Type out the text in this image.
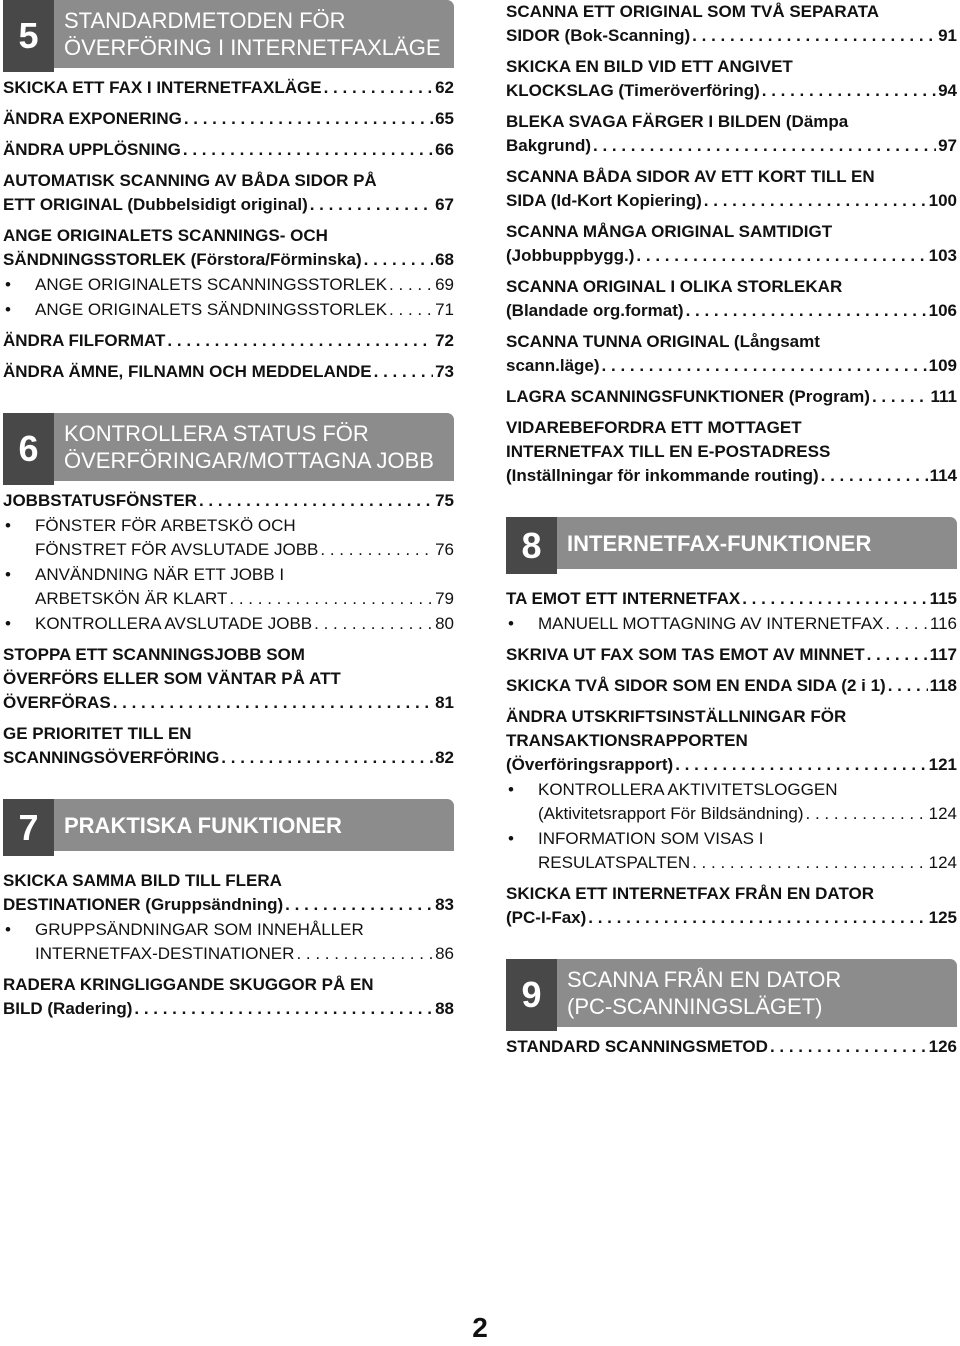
5	STANDARDMETODEN FÖR
ÖVERFÖRING I INTERNETFAXLÄGE
SKICKA ETT FAX I INTERNETFAXLÄGE . . .	62
ÄNDRA EXPONERING . . .	65
ÄNDRA UPPLÖSNING . . .	66
AUTOMATISK SCANNING AV BÅDA SIDOR PÅ
ETT ORIGINAL (Dubbelsidigt original) . . .	67
ANGE ORIGINALETS SCANNINGS- OCH
SÄNDNINGSSTORLEK (Förstora/Förminska) . . .	68
• ANGE ORIGINALETS SCANNINGSSTORLEK . . .	69
• ANGE ORIGINALETS SÄNDNINGSSTORLEK . . .	71
ÄNDRA FILFORMAT . . .	72
ÄNDRA ÄMNE, FILNAMN OCH MEDDELANDE . . .	73
6	KONTROLLERA STATUS FÖR
ÖVERFÖRINGAR/MOTTAGNA JOBB
JOBBSTATUSFÖNSTER . . .	75
• FÖNSTER FÖR ARBETSKÖ OCH
FÖNSTRET FÖR AVSLUTADE JOBB . . .	76
• ANVÄNDNING NÄR ETT JOBB I
ARBETSKÖN ÄR KLART . . .	79
• KONTROLLERA AVSLUTADE JOBB . . .	80
STOPPA ETT SCANNINGSJOBB SOM
ÖVERFÖRS ELLER SOM VÄNTAR PÅ ATT
ÖVERFÖRAS . . .	81
GE PRIORITET TILL EN
SCANNINGSÖVERFÖRING . . .	82
7	PRAKTISKA FUNKTIONER
SKICKA SAMMA BILD TILL FLERA
DESTINATIONER (Gruppsändning) . . .	83
• GRUPPSÄNDNINGAR SOM INNEHÅLLER
INTERNETFAX-DESTINATIONER . . .	86
RADERA KRINGLIGGANDE SKUGGOR PÅ EN
BILD (Radering) . . .	88
SCANNA ETT ORIGINAL SOM TVÅ SEPARATA
SIDOR (Bok-Scanning) . . .	91
SKICKA EN BILD VID ETT ANGIVET
KLOCKSLAG (Timeröverföring) . . .	94
BLEKA SVAGA FÄRGER I BILDEN (Dämpa
Bakgrund) . . .	97
SCANNA BÅDA SIDOR AV ETT KORT TILL EN
SIDA (Id-Kort Kopiering) . . .	100
SCANNA MÅNGA ORIGINAL SAMTIDIGT
(Jobbuppbygg.) . . .	103
SCANNA ORIGINAL I OLIKA STORLEKAR
(Blandade org.format) . . .	106
SCANNA TUNNA ORIGINAL (Långsamt
scann.läge) . . .	109
LAGRA SCANNINGSFUNKTIONER (Program) . . .	111
VIDAREBEFORDRA ETT MOTTAGET
INTERNETFAX TILL EN E-POSTADRESS
(Inställningar för inkommande routing) . . .	114
8	INTERNETFAX-FUNKTIONER
TA EMOT ETT INTERNETFAX . . .	115
• MANUELL MOTTAGNING AV INTERNETFAX . . .	116
SKRIVA UT FAX SOM TAS EMOT AV MINNET . . .	117
SKICKA TVÅ SIDOR SOM EN ENDA SIDA (2 i 1) . . .	118
ÄNDRA UTSKRIFTSINSTÄLLNINGAR FÖR
TRANSAKTIONSRAPPORTEN
(Överföringsrapport) . . .	121
• KONTROLLERA AKTIVITETSLOGGEN
(Aktivitetsrapport För Bildsändning) . . .	124
• INFORMATION SOM VISAS I
RESULATSPALTEN . . .	124
SKICKA ETT INTERNETFAX FRÅN EN DATOR
(PC-I-Fax) . . .	125
9	SCANNA FRÅN EN DATOR
(PC-SCANNINGSLÄGET)
STANDARD SCANNINGSMETOD . . .	126
2
